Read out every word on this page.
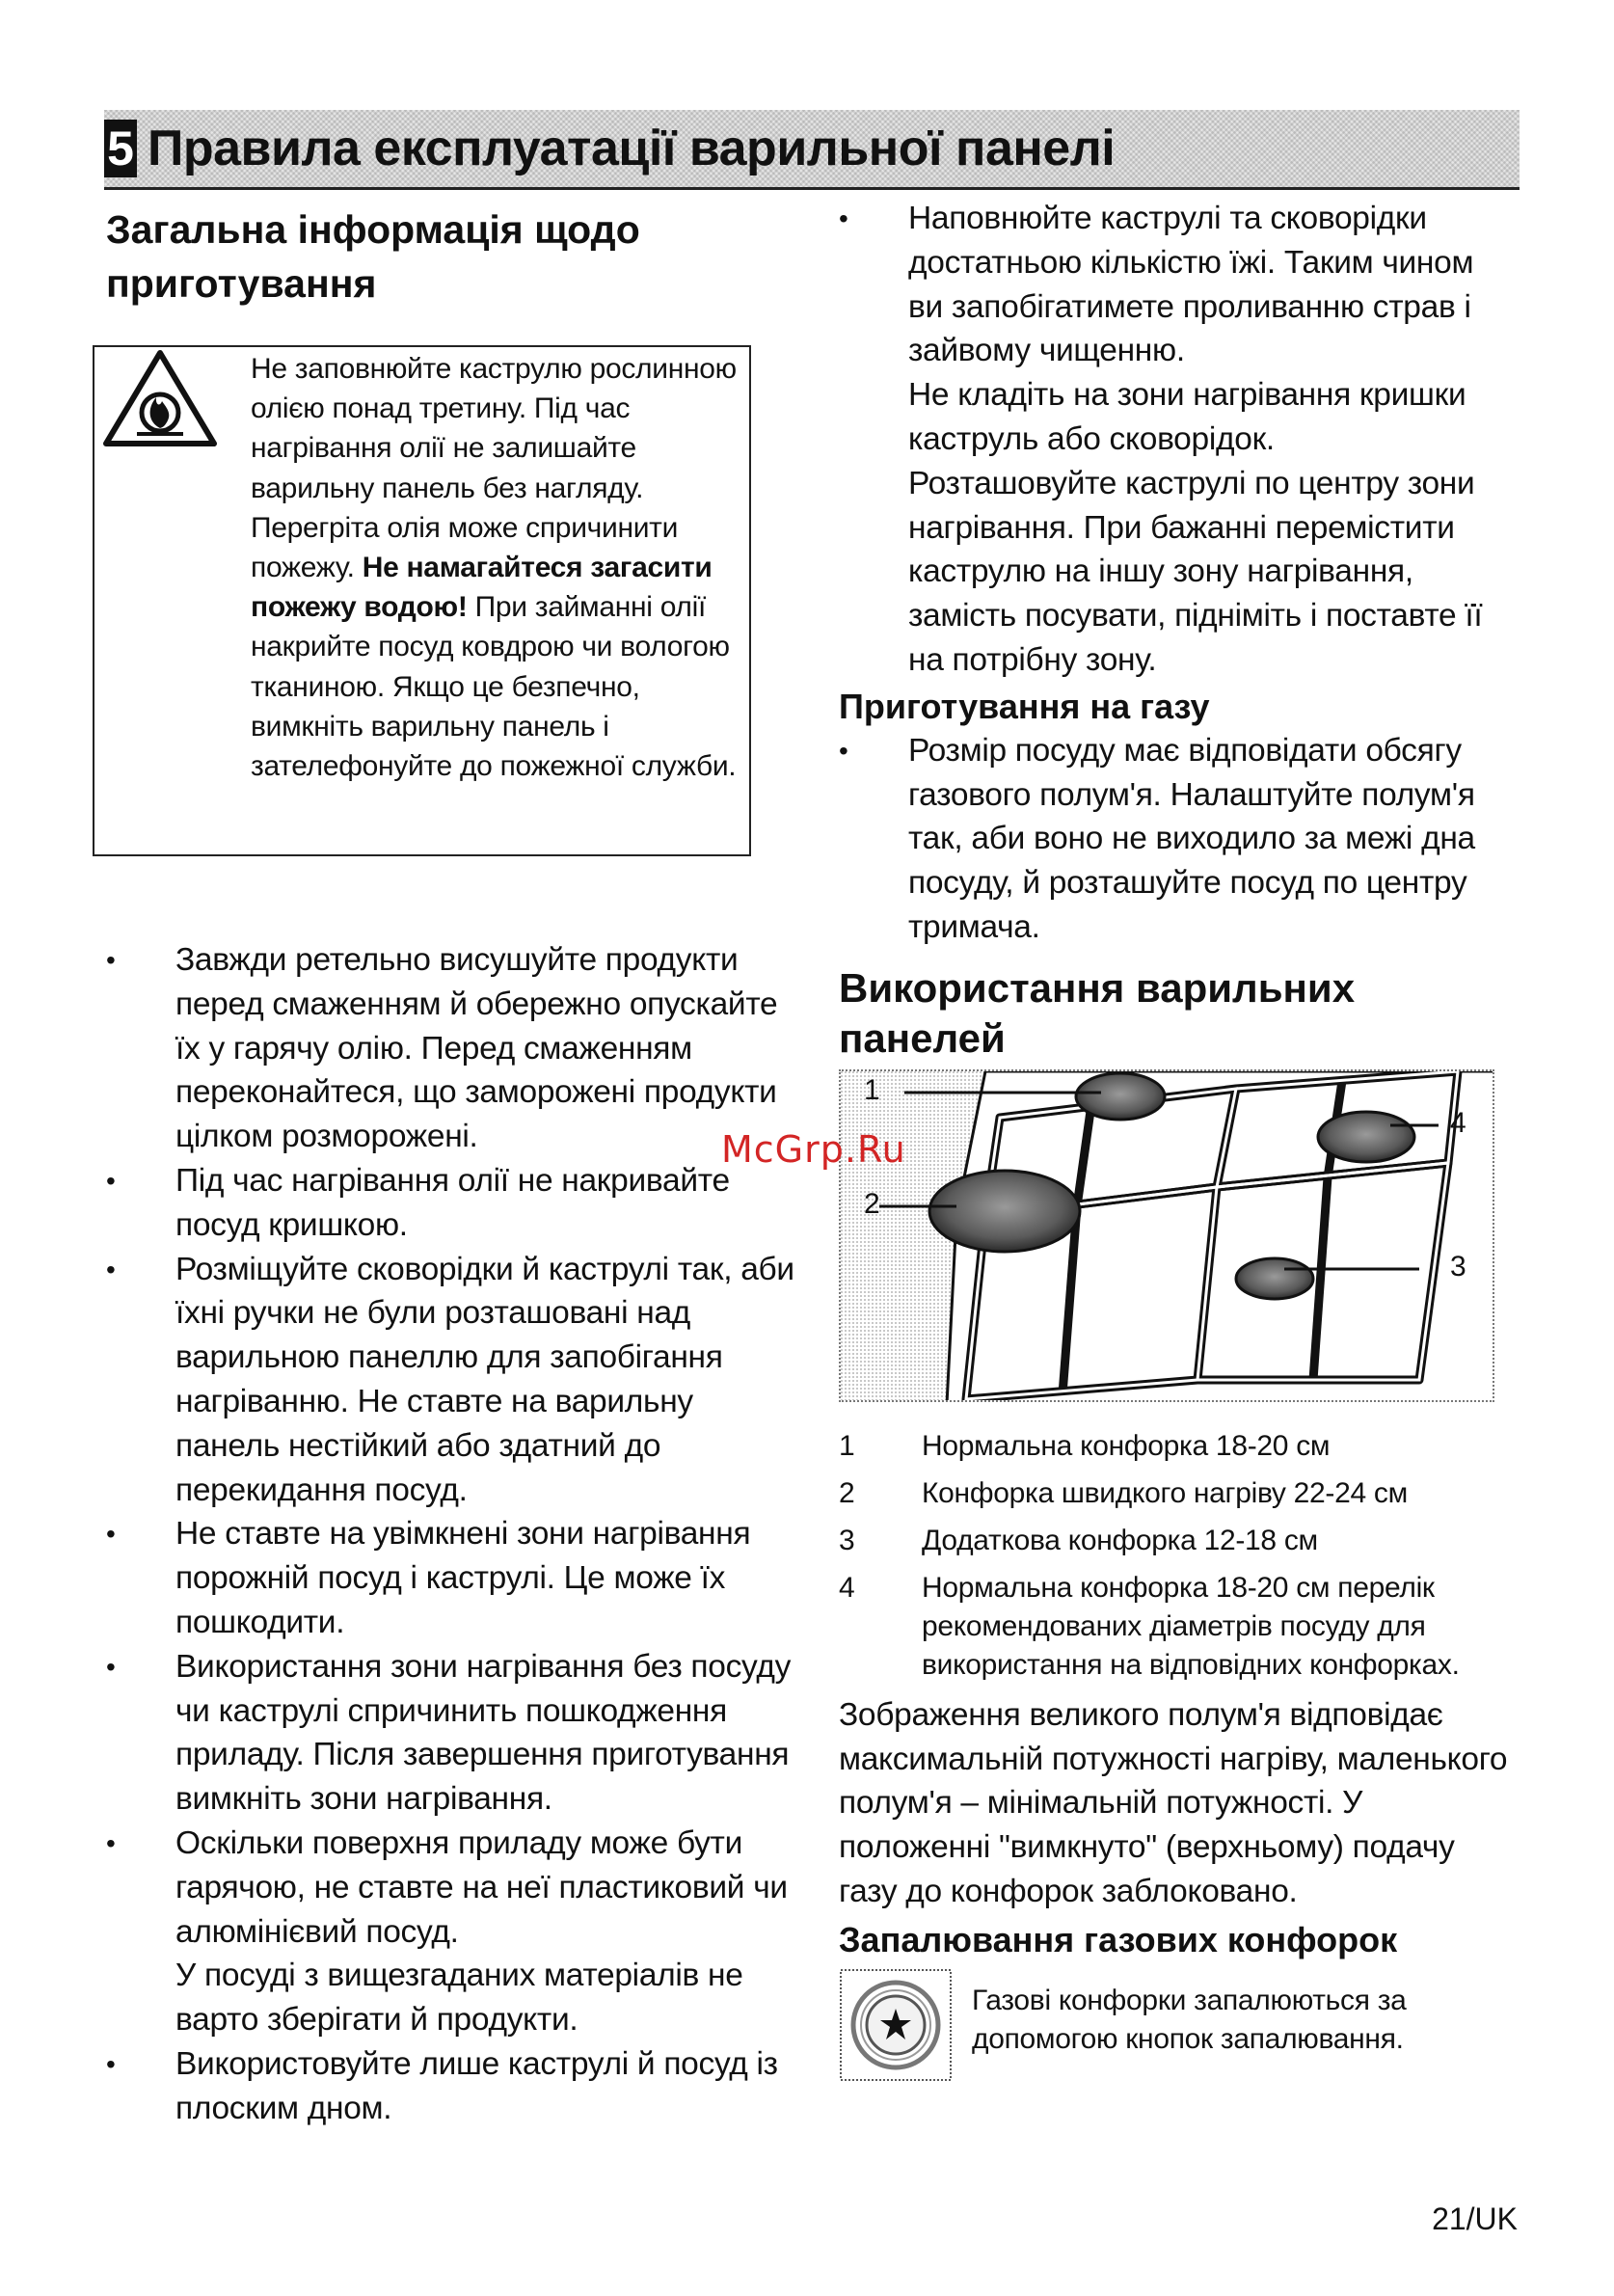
5 Правила експлуатації варильної панелі
Загальна інформація щодо приготування
Не заповнюйте каструлю рослинною олією понад третину. Під час нагрівання олії не залишайте варильну панель без нагляду. Перегріта олія може спричинити пожежу. Не намагайтеся загасити пожежу водою! При займанні олії накрийте посуд ковдрою чи вологою тканиною. Якщо це безпечно, вимкніть варильну панель і зателефонуйте до пожежної служби.
• Завжди ретельно висушуйте продукти перед смаженням й обережно опускайте їх у гарячу олію. Перед смаженням переконайтеся, що заморожені продукти цілком розморожені.
• Під час нагрівання олії не накривайте посуд кришкою.
• Розміщуйте сковорідки й каструлі так, аби їхні ручки не були розташовані над варильною панеллю для запобігання нагріванню. Не ставте на варильну панель нестійкий або здатний до перекидання посуд.
• Не ставте на увімкнені зони нагрівання порожній посуд і каструлі. Це може їх пошкодити.
• Використання зони нагрівання без посуду чи каструлі спричинить пошкодження приладу. Після завершення приготування вимкніть зони нагрівання.
• Оскільки поверхня приладу може бути гарячою, не ставте на неї пластиковий чи алюмінієвий посуд.
У посуді з вищезгаданих матеріалів не варто зберігати й продукти.
• Використовуйте лише каструлі й посуд із плоским дном.
• Наповнюйте каструлі та сковорідки достатньою кількістю їжі. Таким чином ви запобігатимете проливанню страв і зайвому чищенню.
Не кладіть на зони нагрівання кришки каструль або сковорідок.
Розташовуйте каструлі по центру зони нагрівання. При бажанні перемістити каструлю на іншу зону нагрівання, замість посувати, підніміть і поставте її на потрібну зону.
Приготування на газу
• Розмір посуду має відповідати обсягу газового полум'я. Налаштуйте полум'я так, аби воно не виходило за межі дна посуду, й розташуйте посуд по центру тримача.
Використання варильних панелей
1
2
3
4
1	Нормальна конфорка 18-20 см
2	Конфорка швидкого нагріву 22-24 см
3	Додаткова конфорка 12-18 см
4	Нормальна конфорка 18-20 см перелік рекомендованих діаметрів посуду для використання на відповідних конфорках.
Зображення великого полум'я відповідає максимальній потужності нагріву, маленького полум'я – мінімальній потужності. У положенні "вимкнуто" (верхньому) подачу газу до конфорок заблоковано.
Запалювання газових конфорок
Газові конфорки запалюються за допомогою кнопок запалювання.
McGrp.Ru
21/UK
